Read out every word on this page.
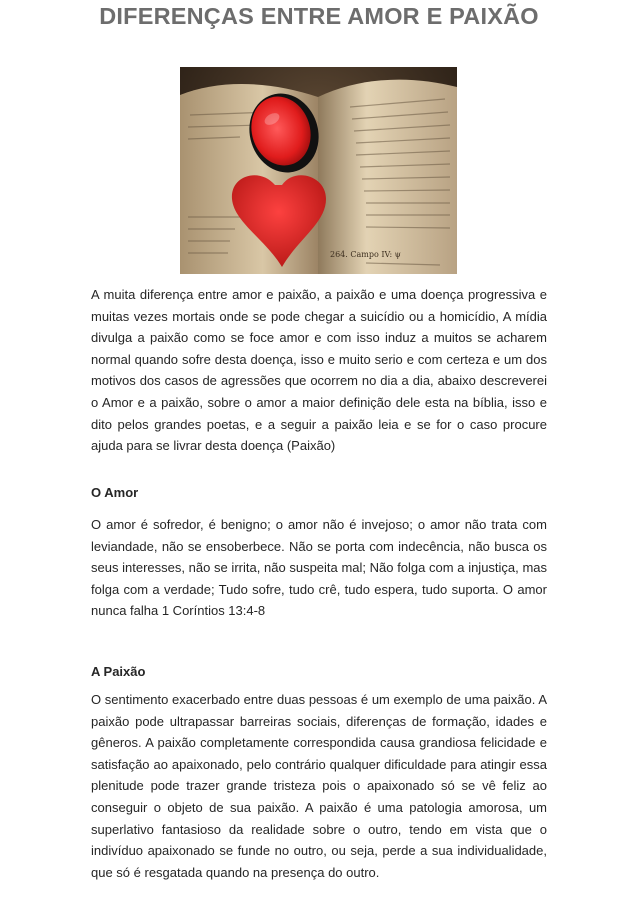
DIFERENÇAS ENTRE AMOR E PAIXÃO
264. Campo IV: ψ

A muita diferença entre amor e paixão, a paixão e uma doença progressiva e muitas vezes mortais onde se pode chegar a suicídio ou a homicídio, A mídia divulga a paixão como se foce amor e com isso induz a muitos se acharem normal quando sofre desta doença, isso e muito serio e com certeza e um dos motivos dos casos de agressões que ocorrem no dia a dia, abaixo descreverei o Amor e a paixão, sobre o amor a maior definição dele esta na bíblia, isso e dito pelos grandes poetas, e a seguir a paixão leia e se for o caso procure ajuda para se livrar desta doença (Paixão)

O Amor

O amor é sofredor, é benigno; o amor não é invejoso; o amor não trata com leviandade, não se ensoberbece. Não se porta com indecência, não busca os seus interesses, não se irrita, não suspeita mal; Não folga com a injustiça, mas folga com a verdade; Tudo sofre, tudo crê, tudo espera, tudo suporta. O amor nunca falha 1 Coríntios 13:4-8

A Paixão

O sentimento exacerbado entre duas pessoas é um exemplo de uma paixão. A paixão pode ultrapassar barreiras sociais, diferenças de formação, idades e gêneros. A paixão completamente correspondida causa grandiosa felicidade e satisfação ao apaixonado, pelo contrário qualquer dificuldade para atingir essa plenitude pode trazer grande tristeza pois o apaixonado só se vê feliz ao conseguir o objeto de sua paixão. A paixão é uma patologia amorosa, um superlativo fantasioso da realidade sobre o outro, tendo em vista que o indivíduo apaixonado se funde no outro, ou seja, perde a sua individualidade, que só é resgatada quando na presença do outro.
